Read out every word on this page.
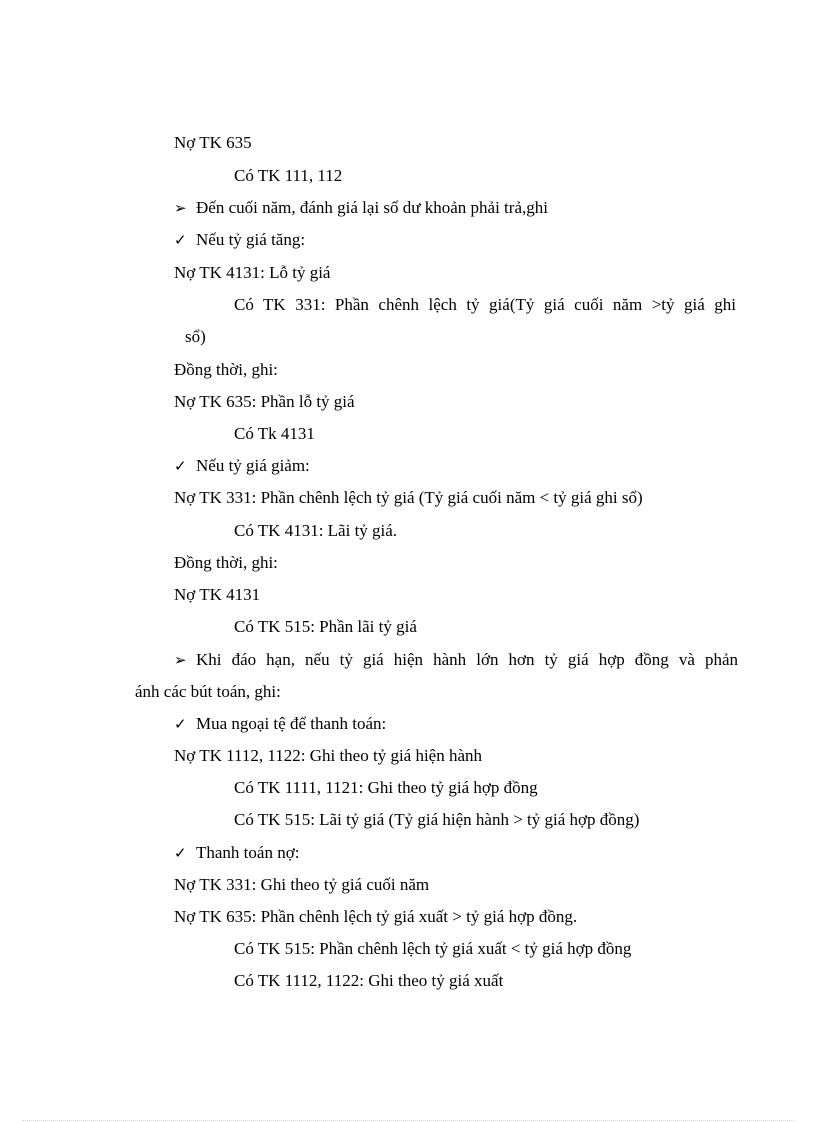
Nợ TK 635
Có TK 111, 112
➢ Đến cuối năm, đánh giá lại số dư khoản phải trả,ghi
✓ Nếu tỷ giá tăng:
Nợ TK 4131: Lỗ tỷ giá
Có TK 331: Phần chênh lệch tỷ giá(Tỷ giá cuối năm >tỷ giá ghi
sổ)
Đồng thời, ghi:
Nợ TK 635: Phần lỗ tỷ giá
Có Tk 4131
✓ Nếu tỷ giá giảm:
Nợ TK 331: Phần chênh lệch tỷ giá (Tỷ giá cuối năm < tỷ giá ghi sổ)
Có TK 4131: Lãi tỷ giá.
Đồng thời, ghi:
Nợ TK 4131
Có TK 515: Phần lãi tỷ giá
➢ Khi đáo hạn, nếu tỷ giá hiện hành lớn hơn tỷ giá hợp đồng và phản
ánh các bút toán, ghi:
✓ Mua ngoại tệ để thanh toán:
Nợ TK 1112, 1122: Ghi theo tỷ giá hiện hành
Có TK 1111, 1121: Ghi theo tỷ giá hợp đồng
Có TK 515: Lãi tỷ giá (Tỷ giá hiện hành > tỷ giá hợp đồng)
✓ Thanh toán nợ:
Nợ TK 331: Ghi theo tỷ giá cuối năm
Nợ TK 635: Phần chênh lệch tỷ giá xuất > tỷ giá hợp đồng.
Có TK 515: Phần chênh lệch tỷ giá xuất < tỷ giá hợp đồng
Có TK 1112, 1122: Ghi theo tỷ giá xuất
